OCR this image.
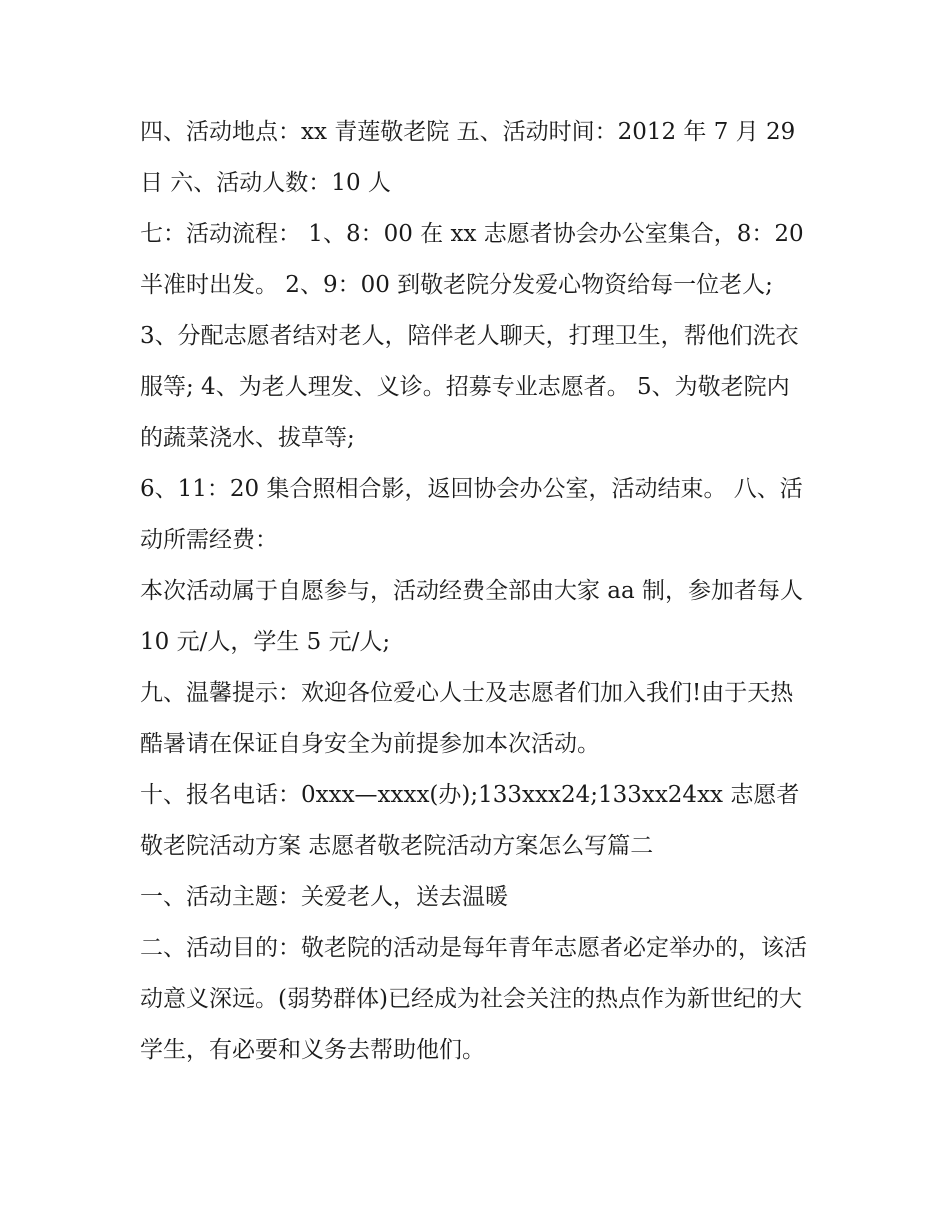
四、活动地点：xx 青莲敬老院 五、活动时间：2012 年 7 月 29 日 六、活动人数：10 人

七：活动流程： 1、8：00 在 xx 志愿者协会办公室集合，8：20 半准时出发。 2、9：00 到敬老院分发爱心物资给每一位老人;

3、分配志愿者结对老人，陪伴老人聊天，打理卫生，帮他们洗衣服等; 4、为老人理发、义诊。招募专业志愿者。 5、为敬老院内的蔬菜浇水、拔草等;

6、11：20 集合照相合影，返回协会办公室，活动结束。 八、活动所需经费：

本次活动属于自愿参与，活动经费全部由大家 aa 制，参加者每人 10 元/人，学生 5 元/人;

九、温馨提示：欢迎各位爱心人士及志愿者们加入我们!由于天热酷暑请在保证自身安全为前提参加本次活动。

十、报名电话：0xxx—xxxx(办);133xxx24;133xx24xx 志愿者敬老院活动方案 志愿者敬老院活动方案怎么写篇二

一、活动主题：关爱老人，送去温暖

二、活动目的：敬老院的活动是每年青年志愿者必定举办的，该活动意义深远。(弱势群体)已经成为社会关注的热点作为新世纪的大学生，有必要和义务去帮助他们。
